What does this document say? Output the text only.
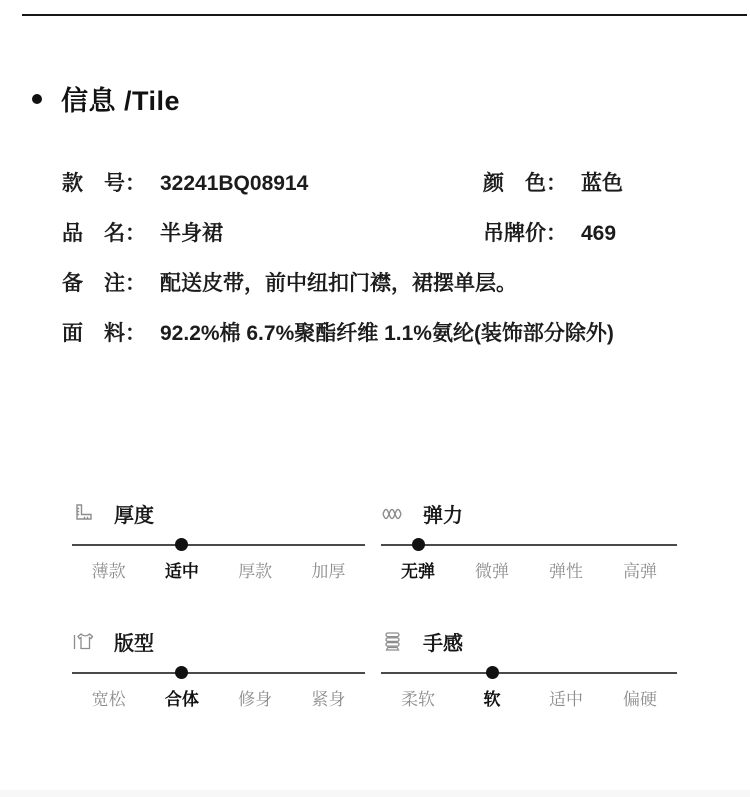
信息 /Tile
款　号： 32241BQ08914	颜　色： 蓝色
品　名： 半身裙	吊牌价： 469
备　注： 配送皮带，前中纽扣门襟，裙摆单层。
面　料： 92.2%棉 6.7%聚酯纤维 1.1%氨纶(装饰部分除外)
厚度
薄款	适中	厚款	加厚
弹力
无弹	微弹	弹性	高弹
版型
宽松	合体	修身	紧身
手感
柔软	软	适中	偏硬
